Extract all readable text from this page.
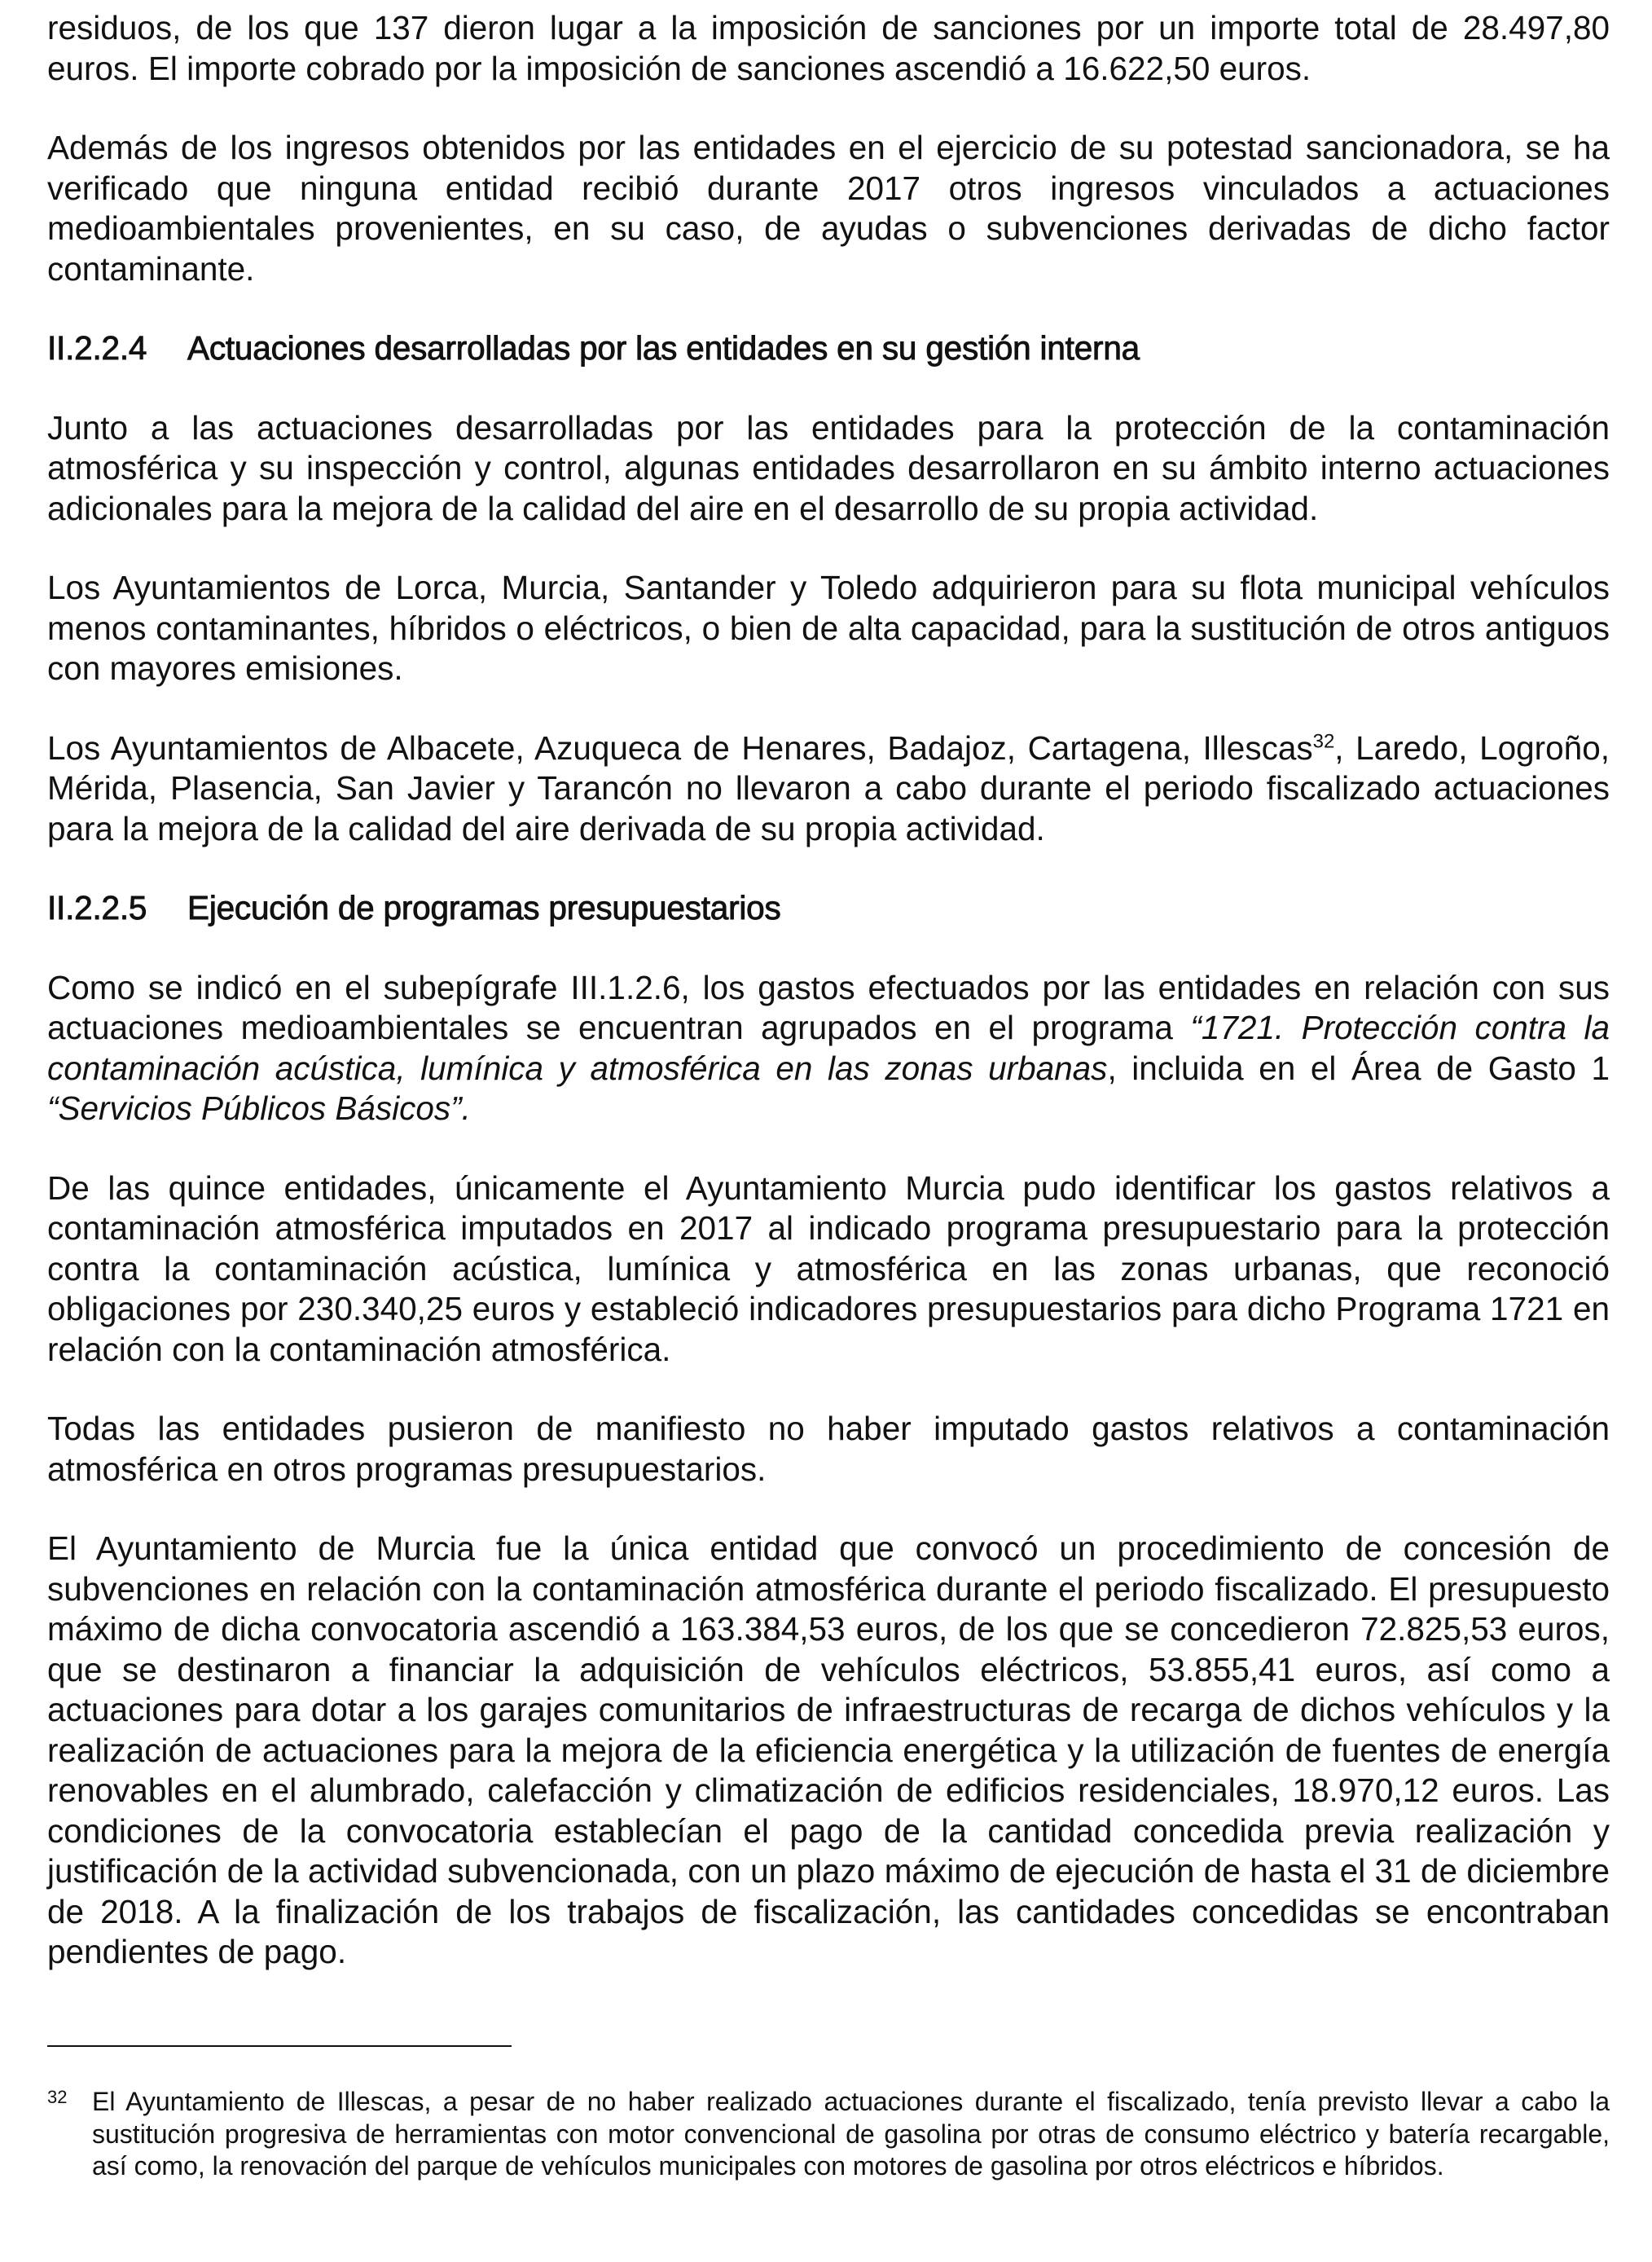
residuos, de los que 137 dieron lugar a la imposición de sanciones por un importe total de 28.497,80 euros. El importe cobrado por la imposición de sanciones ascendió a 16.622,50 euros.

Además de los ingresos obtenidos por las entidades en el ejercicio de su potestad sancionadora, se ha verificado que ninguna entidad recibió durante 2017 otros ingresos vinculados a actuaciones medioambientales provenientes, en su caso, de ayudas o subvenciones derivadas de dicho factor contaminante.

II.2.2.4 Actuaciones desarrolladas por las entidades en su gestión interna

Junto a las actuaciones desarrolladas por las entidades para la protección de la contaminación atmosférica y su inspección y control, algunas entidades desarrollaron en su ámbito interno actuaciones adicionales para la mejora de la calidad del aire en el desarrollo de su propia actividad.

Los Ayuntamientos de Lorca, Murcia, Santander y Toledo adquirieron para su flota municipal vehículos menos contaminantes, híbridos o eléctricos, o bien de alta capacidad, para la sustitución de otros antiguos con mayores emisiones.

Los Ayuntamientos de Albacete, Azuqueca de Henares, Badajoz, Cartagena, Illescas$^{32}$, Laredo, Logroño, Mérida, Plasencia, San Javier y Tarancón no llevaron a cabo durante el periodo fiscalizado actuaciones para la mejora de la calidad del aire derivada de su propia actividad.

II.2.2.5 Ejecución de programas presupuestarios

Como se indicó en el subepígrafe III.1.2.6, los gastos efectuados por las entidades en relación con sus actuaciones medioambientales se encuentran agrupados en el programa “1721. Protección contra la contaminación acústica, lumínica y atmosférica en las zonas urbanas, incluida en el Área de Gasto 1 “Servicios Públicos Básicos”.

De las quince entidades, únicamente el Ayuntamiento Murcia pudo identificar los gastos relativos a contaminación atmosférica imputados en 2017 al indicado programa presupuestario para la protección contra la contaminación acústica, lumínica y atmosférica en las zonas urbanas, que reconoció obligaciones por 230.340,25 euros y estableció indicadores presupuestarios para dicho Programa 1721 en relación con la contaminación atmosférica.

Todas las entidades pusieron de manifiesto no haber imputado gastos relativos a contaminación atmosférica en otros programas presupuestarios.

El Ayuntamiento de Murcia fue la única entidad que convocó un procedimiento de concesión de subvenciones en relación con la contaminación atmosférica durante el periodo fiscalizado. El presupuesto máximo de dicha convocatoria ascendió a 163.384,53 euros, de los que se concedieron 72.825,53 euros, que se destinaron a financiar la adquisición de vehículos eléctricos, 53.855,41 euros, así como a actuaciones para dotar a los garajes comunitarios de infraestructuras de recarga de dichos vehículos y la realización de actuaciones para la mejora de la eficiencia energética y la utilización de fuentes de energía renovables en el alumbrado, calefacción y climatización de edificios residenciales, 18.970,12 euros. Las condiciones de la convocatoria establecían el pago de la cantidad concedida previa realización y justificación de la actividad subvencionada, con un plazo máximo de ejecución de hasta el 31 de diciembre de 2018. A la finalización de los trabajos de fiscalización, las cantidades concedidas se encontraban pendientes de pago.

32 El Ayuntamiento de Illescas, a pesar de no haber realizado actuaciones durante el fiscalizado, tenía previsto llevar a cabo la sustitución progresiva de herramientas con motor convencional de gasolina por otras de consumo eléctrico y batería recargable, así como, la renovación del parque de vehículos municipales con motores de gasolina por otros eléctricos e híbridos.
